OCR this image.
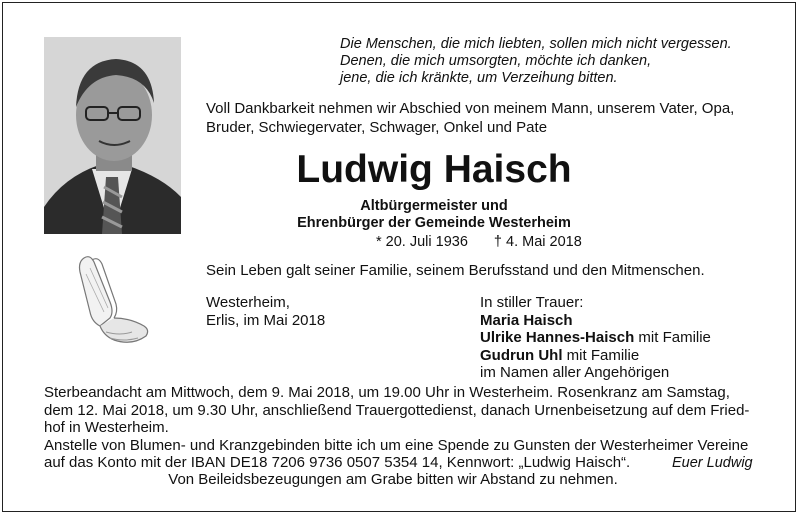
Die Menschen, die mich liebten, sollen mich nicht vergessen.
Denen, die mich umsorgten, möchte ich danken,
jene, die ich kränkte, um Verzeihung bitten.
Voll Dankbarkeit nehmen wir Abschied von meinem Mann, unserem Vater, Opa,
Bruder, Schwiegervater, Schwager, Onkel und Pate
Ludwig Haisch
Altbürgermeister und
Ehrenbürger der Gemeinde Westerheim
* 20. Juli 1936 † 4. Mai 2018
Sein Leben galt seiner Familie, seinem Berufsstand und den Mitmenschen.
Westerheim,
Erlis, im Mai 2018
In stiller Trauer:
Maria Haisch
Ulrike Hannes-Haisch mit Familie
Gudrun Uhl mit Familie
im Namen aller Angehörigen
Sterbeandacht am Mittwoch, dem 9. Mai 2018, um 19.00 Uhr in Westerheim. Rosenkranz am Samstag,
dem 12. Mai 2018, um 9.30 Uhr, anschließend Trauergottedienst, danach Urnenbeisetzung auf dem Fried-
hof in Westerheim.
Anstelle von Blumen- und Kranzgebinden bitte ich um eine Spende zu Gunsten der Westerheimer Vereine
auf das Konto mit der IBAN DE18 7206 9736 0507 5354 14, Kennwort: „Ludwig Haisch“.	Euer Ludwig
Von Beileidsbezeugungen am Grabe bitten wir Abstand zu nehmen.
